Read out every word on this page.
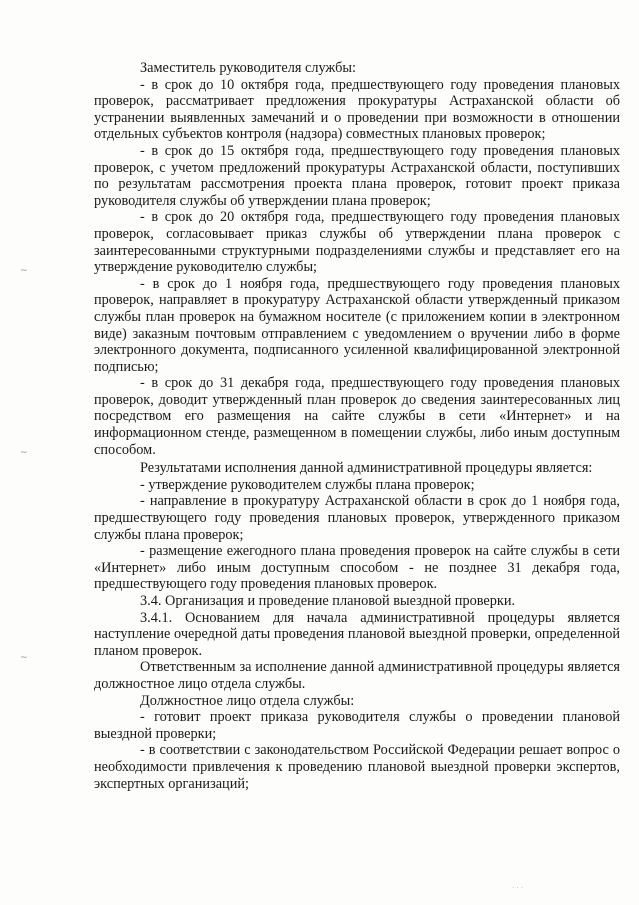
~
~
~
· · ·

Заместитель руководителя службы:

- в срок до 10 октября года, предшествующего году проведения плановых проверок, рассматривает предложения прокуратуры Астраханской области об устранении выявленных замечаний и о проведении при возможности в отношении отдельных субъектов контроля (надзора) совместных плановых проверок;

- в срок до 15 октября года, предшествующего году проведения плановых проверок, с учетом предложений прокуратуры Астраханской области, поступивших по результатам рассмотрения проекта плана проверок, готовит проект приказа руководителя службы об утверждении плана проверок;

- в срок до 20 октября года, предшествующего году проведения плановых проверок, согласовывает приказ службы об утверждении плана проверок с заинтересованными структурными подразделениями службы и представляет его на утверждение руководителю службы;

- в срок до 1 ноября года, предшествующего году проведения плановых проверок, направляет в прокуратуру Астраханской области утвержденный приказом службы план проверок на бумажном носителе (с приложением копии в электронном виде) заказным почтовым отправлением с уведомлением о вручении либо в форме электронного документа, подписанного усиленной квалифицированной электронной подписью;

- в срок до 31 декабря года, предшествующего году проведения плановых проверок, доводит утвержденный план проверок до сведения заинтересованных лиц посредством его размещения на сайте службы в сети «Интернет» и на информационном стенде, размещенном в помещении службы, либо иным доступным способом.

Результатами исполнения данной административной процедуры является:

- утверждение руководителем службы плана проверок;

- направление в прокуратуру Астраханской области в срок до 1 ноября года, предшествующего году проведения плановых проверок, утвержденного приказом службы плана проверок;

- размещение ежегодного плана проведения проверок на сайте службы в сети «Интернет» либо иным доступным способом - не позднее 31 декабря года, предшествующего году проведения плановых проверок.

3.4. Организация и проведение плановой выездной проверки.

3.4.1. Основанием для начала административной процедуры является наступление очередной даты проведения плановой выездной проверки, определенной планом проверок.

Ответственным за исполнение данной административной процедуры является должностное лицо отдела службы.

Должностное лицо отдела службы:

- готовит проект приказа руководителя службы о проведении плановой выездной проверки;

- в соответствии с законодательством Российской Федерации решает вопрос о необходимости привлечения к проведению плановой выездной проверки экспертов, экспертных организаций;
